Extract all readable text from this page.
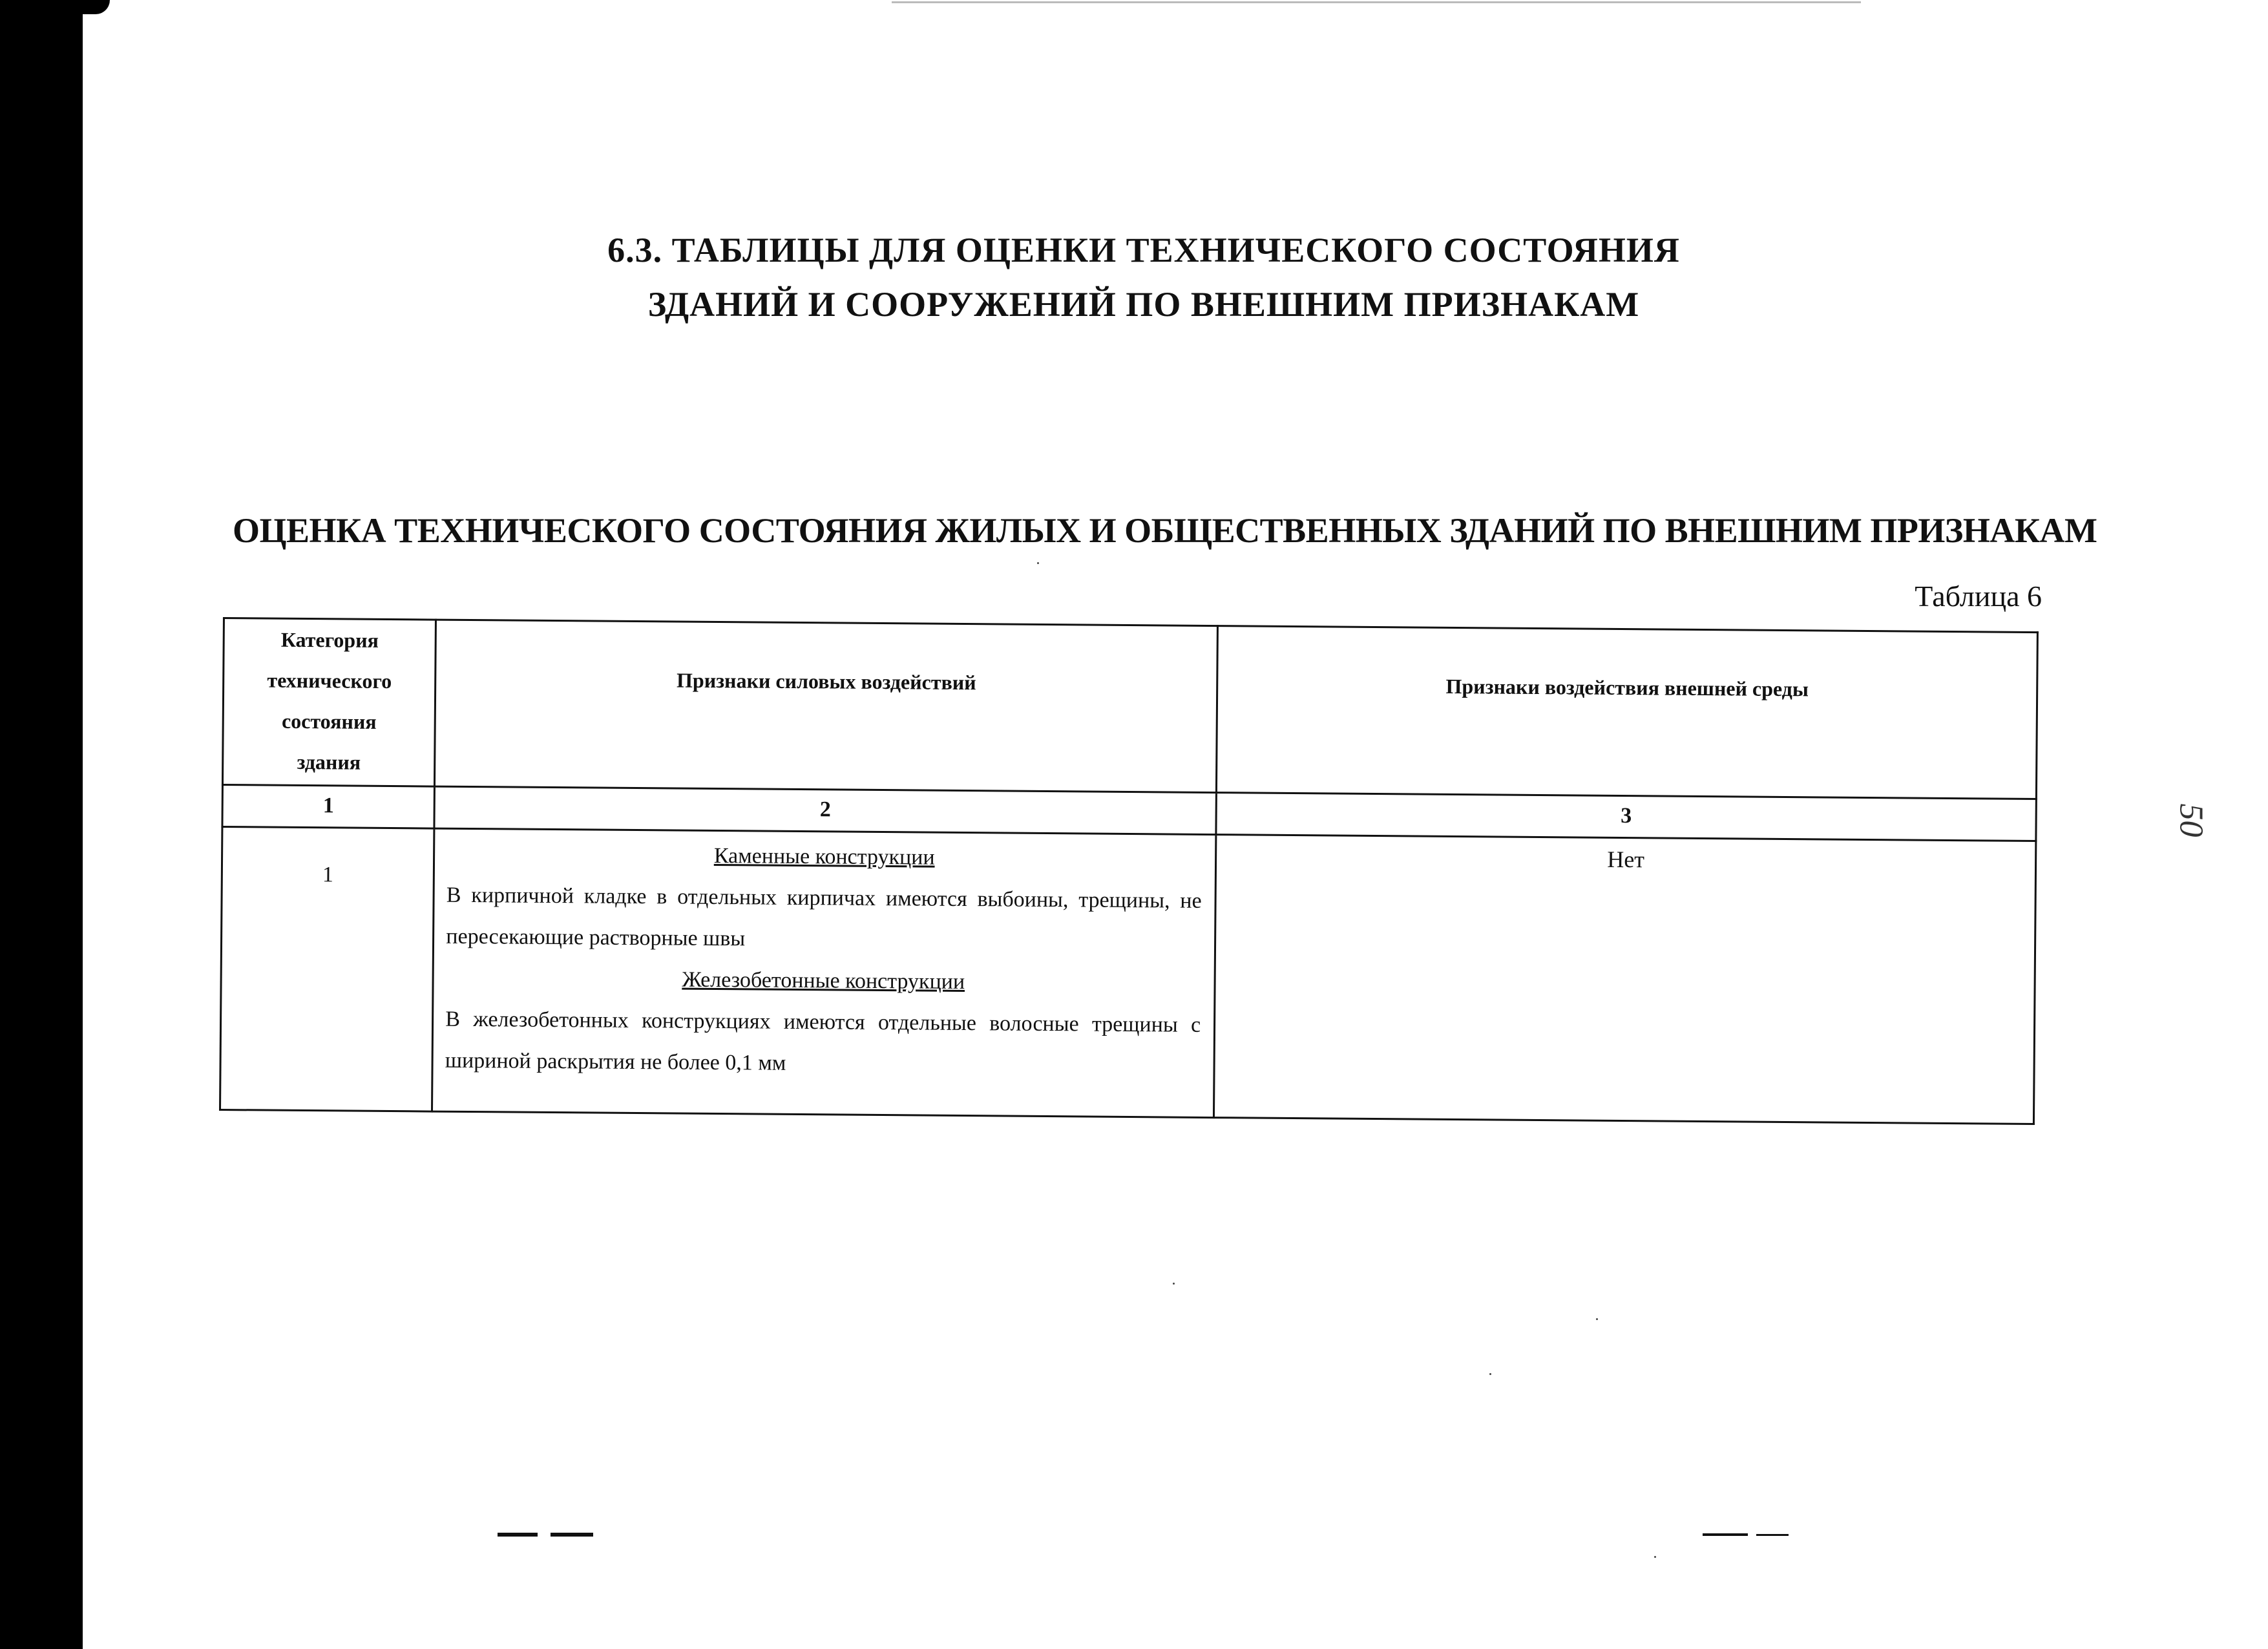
6.3. ТАБЛИЦЫ ДЛЯ ОЦЕНКИ ТЕХНИЧЕСКОГО СОСТОЯНИЯ
ЗДАНИЙ И СООРУЖЕНИЙ ПО ВНЕШНИМ ПРИЗНАКАМ
ОЦЕНКА ТЕХНИЧЕСКОГО СОСТОЯНИЯ ЖИЛЫХ И ОБЩЕСТВЕННЫХ ЗДАНИЙ ПО ВНЕШНИМ ПРИЗНАКАМ
Таблица 6
50
Категория
технического
состояния
здания	Признаки силовых воздействий	Признаки воздействия внешней среды

1	2	3
1	Каменные конструкции
В кирпичной кладке в отдельных кирпичах имеются выбоины, трещины, не пересекающие растворные швы
Железобетонные конструкции
В железобетонных конструкциях имеются отдельные волосные трещины с шириной раскрытия не более 0,1 мм	Нет
